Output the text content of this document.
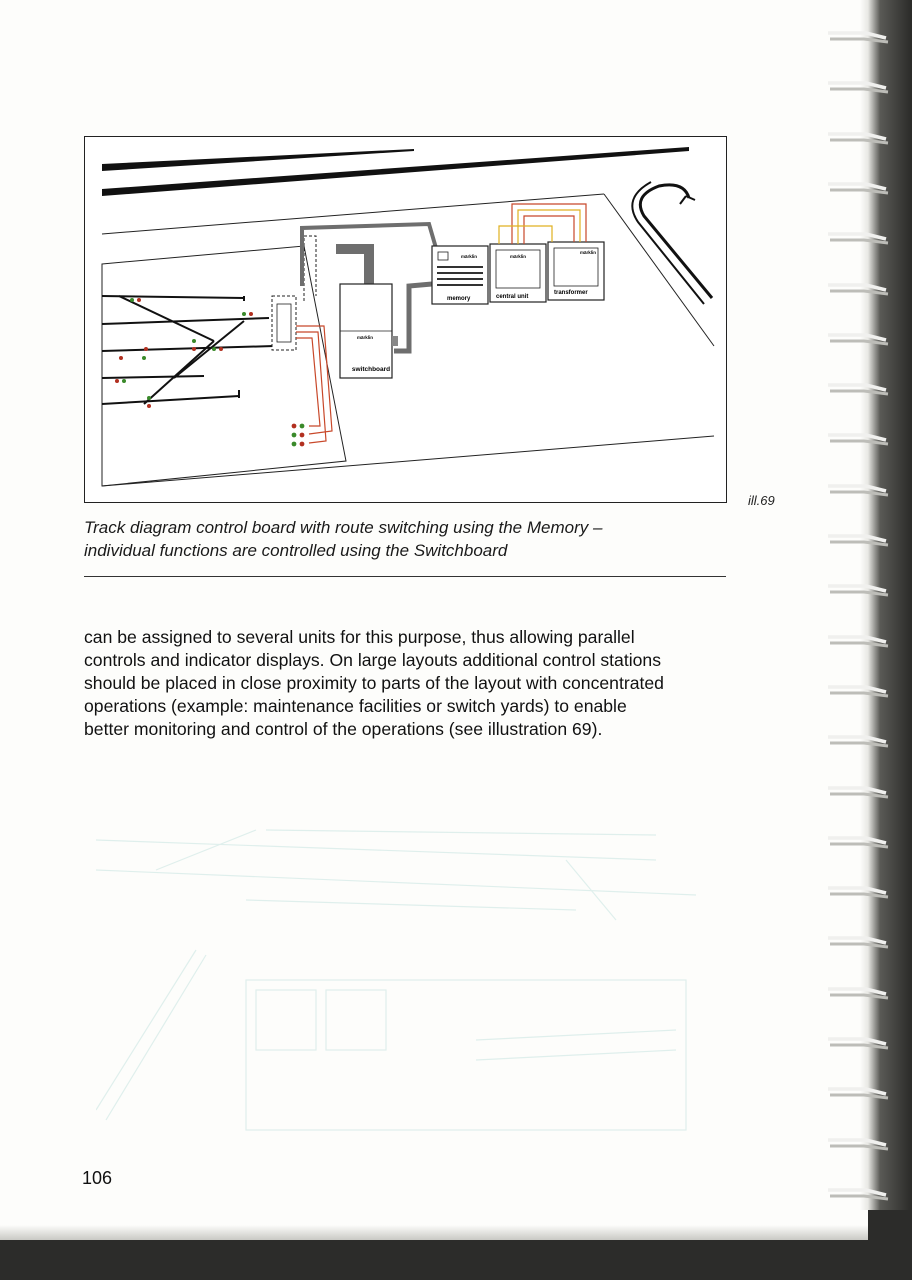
märklin
switchboard
märklin
memory
märklin
central unit
märklin
transformer
ill.69
Track diagram control board with route switching using the Memory –
individual functions are controlled using the Switchboard
can be assigned to several units for this purpose, thus allowing parallel
controls and indicator displays. On large layouts additional control stations
should be placed in close proximity to parts of the layout with concentrated
operations (example: maintenance facilities or switch yards) to enable
better monitoring and control of the operations (see illustration 69).
106
